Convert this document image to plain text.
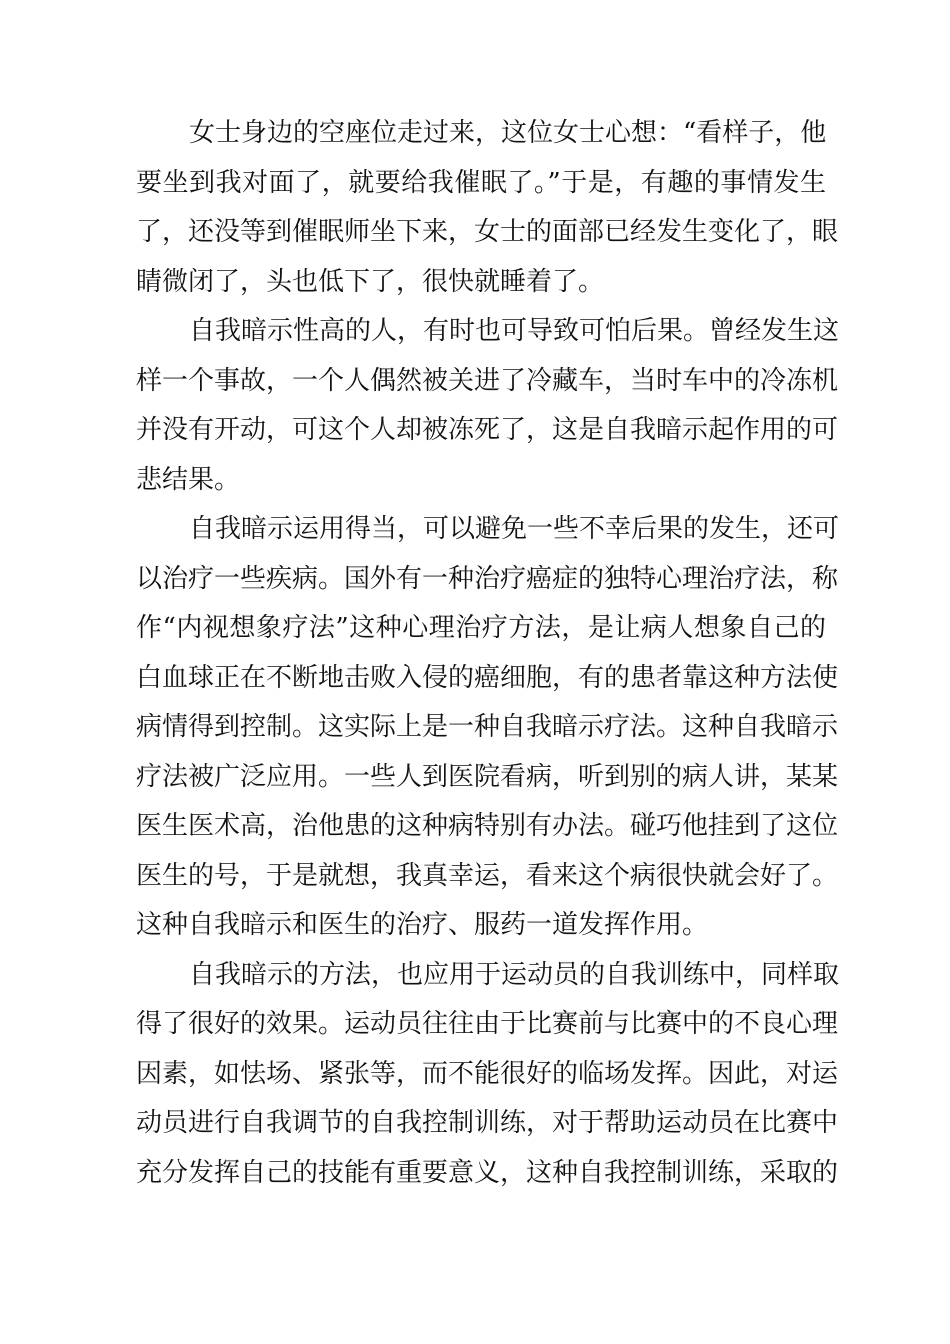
女士身边的空座位走过来，这位女士心想：“看样子，他
要坐到我对面了，就要给我催眠了。”于是，有趣的事情发生
了，还没等到催眠师坐下来，女士的面部已经发生变化了，眼
睛微闭了，头也低下了，很快就睡着了。

自我暗示性高的人，有时也可导致可怕后果。曾经发生这
样一个事故，一个人偶然被关进了冷藏车，当时车中的冷冻机
并没有开动，可这个人却被冻死了，这是自我暗示起作用的可
悲结果。

自我暗示运用得当，可以避免一些不幸后果的发生，还可
以治疗一些疾病。国外有一种治疗癌症的独特心理治疗法，称
作“内视想象疗法”这种心理治疗方法，是让病人想象自己的
白血球正在不断地击败入侵的癌细胞，有的患者靠这种方法使
病情得到控制。这实际上是一种自我暗示疗法。这种自我暗示
疗法被广泛应用。一些人到医院看病，听到别的病人讲，某某
医生医术高，治他患的这种病特别有办法。碰巧他挂到了这位
医生的号，于是就想，我真幸运，看来这个病很快就会好了。
这种自我暗示和医生的治疗、服药一道发挥作用。

自我暗示的方法，也应用于运动员的自我训练中，同样取
得了很好的效果。运动员往往由于比赛前与比赛中的不良心理
因素，如怯场、紧张等，而不能很好的临场发挥。因此，对运
动员进行自我调节的自我控制训练，对于帮助运动员在比赛中
充分发挥自己的技能有重要意义，这种自我控制训练，采取的
